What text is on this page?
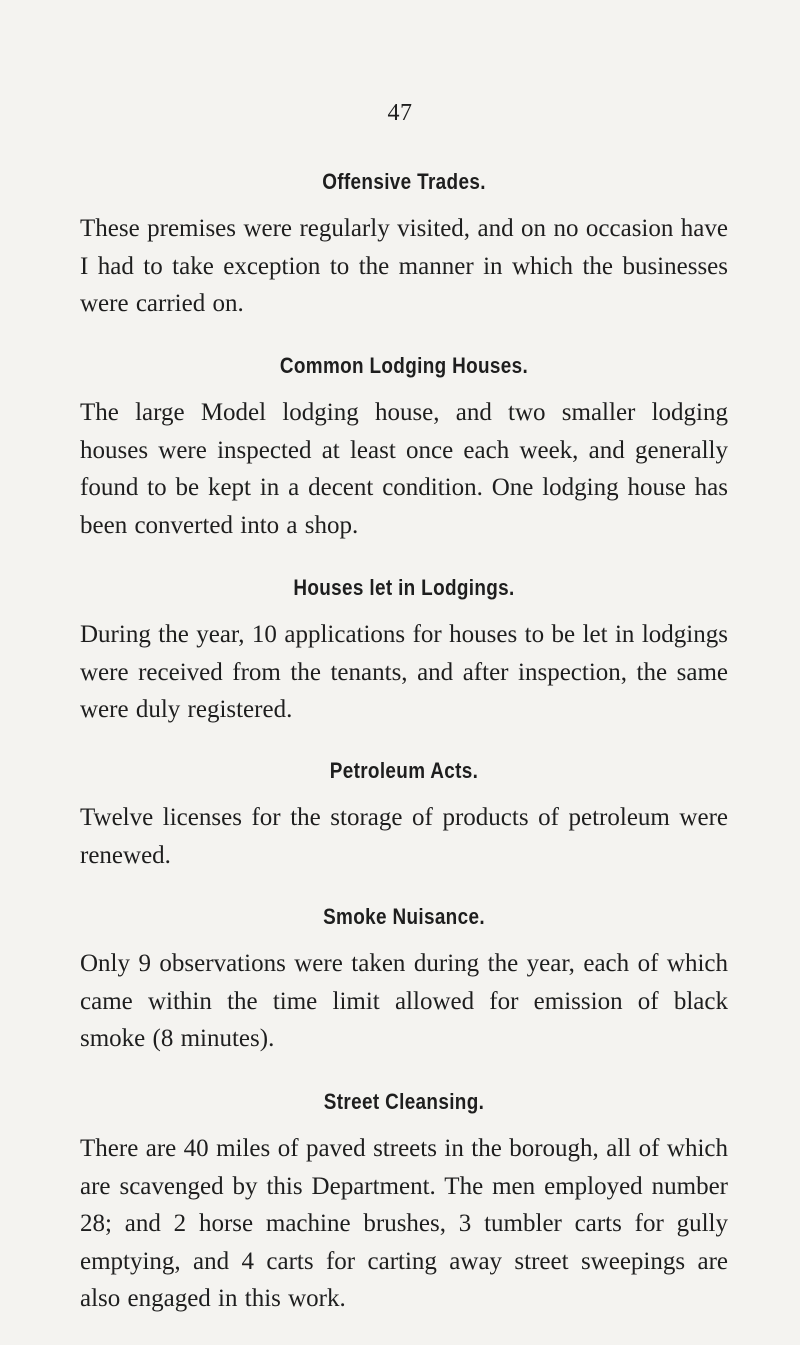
47
Offensive Trades.

These premises were regularly visited, and on no occasion have I had to take exception to the manner in which the businesses were carried on.

Common Lodging Houses.

The large Model lodging house, and two smaller lodging houses were inspected at least once each week, and generally found to be kept in a decent condition. One lodging house has been converted into a shop.

Houses let in Lodgings.

During the year, 10 applications for houses to be let in lodgings were received from the tenants, and after inspection, the same were duly registered.

Petroleum Acts.

Twelve licenses for the storage of products of petroleum were renewed.

Smoke Nuisance.

Only 9 observations were taken during the year, each of which came within the time limit allowed for emission of black smoke (8 minutes).

Street Cleansing.

There are 40 miles of paved streets in the borough, all of which are scavenged by this Department. The men employed number 28; and 2 horse machine brushes, 3 tumbler carts for gully emptying, and 4 carts for carting away street sweepings are also engaged in this work.
